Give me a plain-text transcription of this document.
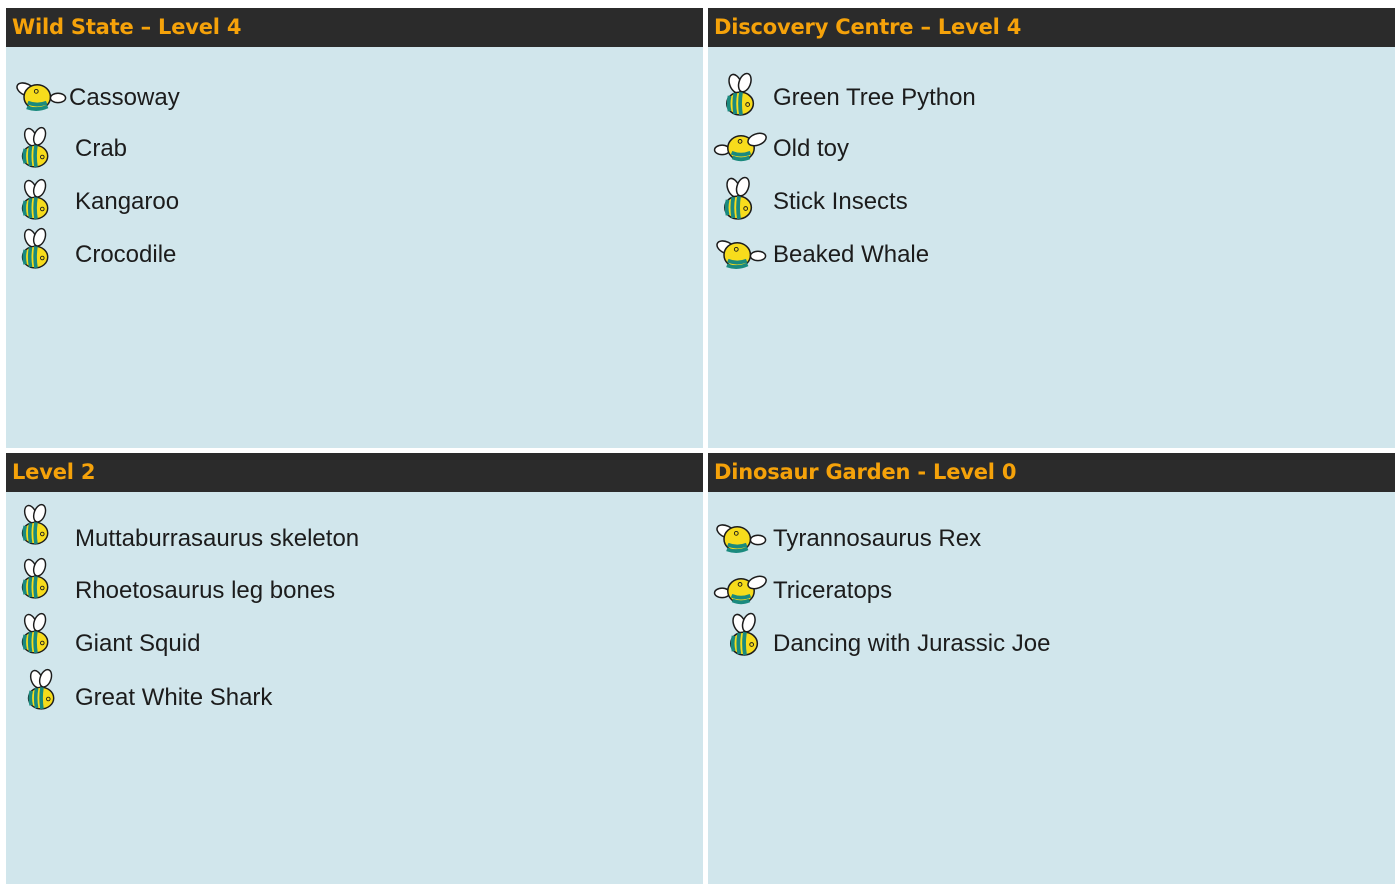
Wild State – Level 4
Cassoway
Crab
Kangaroo
Crocodile
Discovery Centre – Level 4
Green Tree Python
Old toy
Stick Insects
Beaked Whale
Level 2
Muttaburrasaurus skeleton
Rhoetosaurus leg bones
Giant Squid
Great White Shark
Dinosaur Garden - Level 0
Tyrannosaurus Rex
Triceratops
Dancing with Jurassic Joe
